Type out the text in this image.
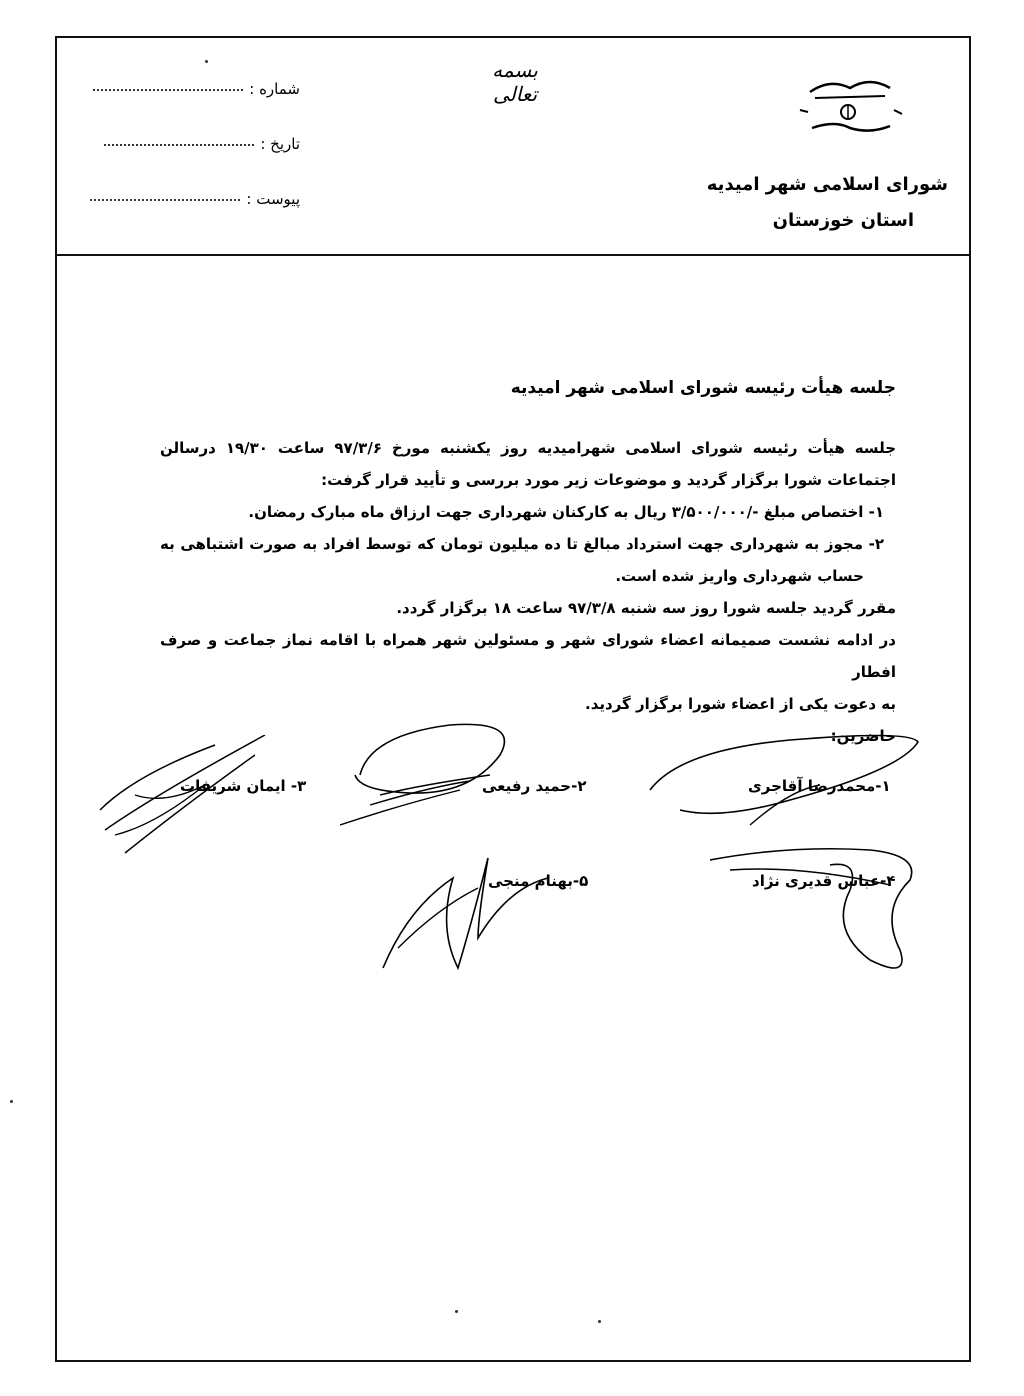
شماره :
تاریخ :
پیوست :
بسمه تعالی
شورای اسلامی شهر امیدیه
استان خوزستان
جلسه هیأت رئیسه شورای اسلامی شهر امیدیه

جلسه هیأت رئیسه شورای اسلامی شهرامیدیه روز یکشنبه مورخ ۹۷/۳/۶ ساعت ۱۹/۳۰ درسالن

اجتماعات شورا برگزار گردید و موضوعات زیر مورد بررسی و تأیید قرار گرفت:

۱- اختصاص مبلغ -/۳/۵۰۰/۰۰۰ ریال به کارکنان شهرداری جهت ارزاق ماه مبارک رمضان.

۲- مجوز به شهرداری جهت استرداد مبالغ تا ده میلیون تومان که توسط افراد به صورت اشتباهی به

حساب شهرداری واریز شده است.

مقرر گردید جلسه شورا روز سه شنبه ۹۷/۳/۸ ساعت ۱۸ برگزار گردد.

در ادامه نشست صمیمانه اعضاء شورای شهر و مسئولین شهر همراه با اقامه نماز جماعت و صرف افطار

به دعوت یکی از اعضاء شورا برگزار گردید.

حاضرین:

۱-محمدرضا آقاجری
۲-حمید رفیعی
۳- ایمان شریفات
۴-عباس قدیری نژاد
۵-بهنام منجی
